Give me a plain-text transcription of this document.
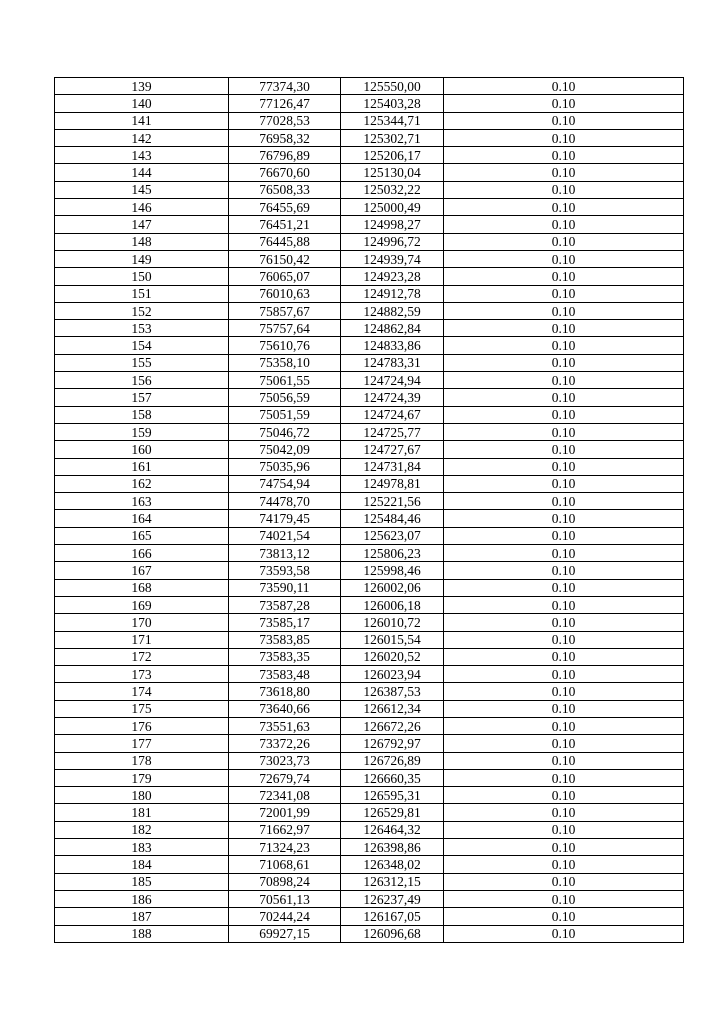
139	77374,30	125550,00	0.10
140	77126,47	125403,28	0.10
141	77028,53	125344,71	0.10
142	76958,32	125302,71	0.10
143	76796,89	125206,17	0.10
144	76670,60	125130,04	0.10
145	76508,33	125032,22	0.10
146	76455,69	125000,49	0.10
147	76451,21	124998,27	0.10
148	76445,88	124996,72	0.10
149	76150,42	124939,74	0.10
150	76065,07	124923,28	0.10
151	76010,63	124912,78	0.10
152	75857,67	124882,59	0.10
153	75757,64	124862,84	0.10
154	75610,76	124833,86	0.10
155	75358,10	124783,31	0.10
156	75061,55	124724,94	0.10
157	75056,59	124724,39	0.10
158	75051,59	124724,67	0.10
159	75046,72	124725,77	0.10
160	75042,09	124727,67	0.10
161	75035,96	124731,84	0.10
162	74754,94	124978,81	0.10
163	74478,70	125221,56	0.10
164	74179,45	125484,46	0.10
165	74021,54	125623,07	0.10
166	73813,12	125806,23	0.10
167	73593,58	125998,46	0.10
168	73590,11	126002,06	0.10
169	73587,28	126006,18	0.10
170	73585,17	126010,72	0.10
171	73583,85	126015,54	0.10
172	73583,35	126020,52	0.10
173	73583,48	126023,94	0.10
174	73618,80	126387,53	0.10
175	73640,66	126612,34	0.10
176	73551,63	126672,26	0.10
177	73372,26	126792,97	0.10
178	73023,73	126726,89	0.10
179	72679,74	126660,35	0.10
180	72341,08	126595,31	0.10
181	72001,99	126529,81	0.10
182	71662,97	126464,32	0.10
183	71324,23	126398,86	0.10
184	71068,61	126348,02	0.10
185	70898,24	126312,15	0.10
186	70561,13	126237,49	0.10
187	70244,24	126167,05	0.10
188	69927,15	126096,68	0.10
